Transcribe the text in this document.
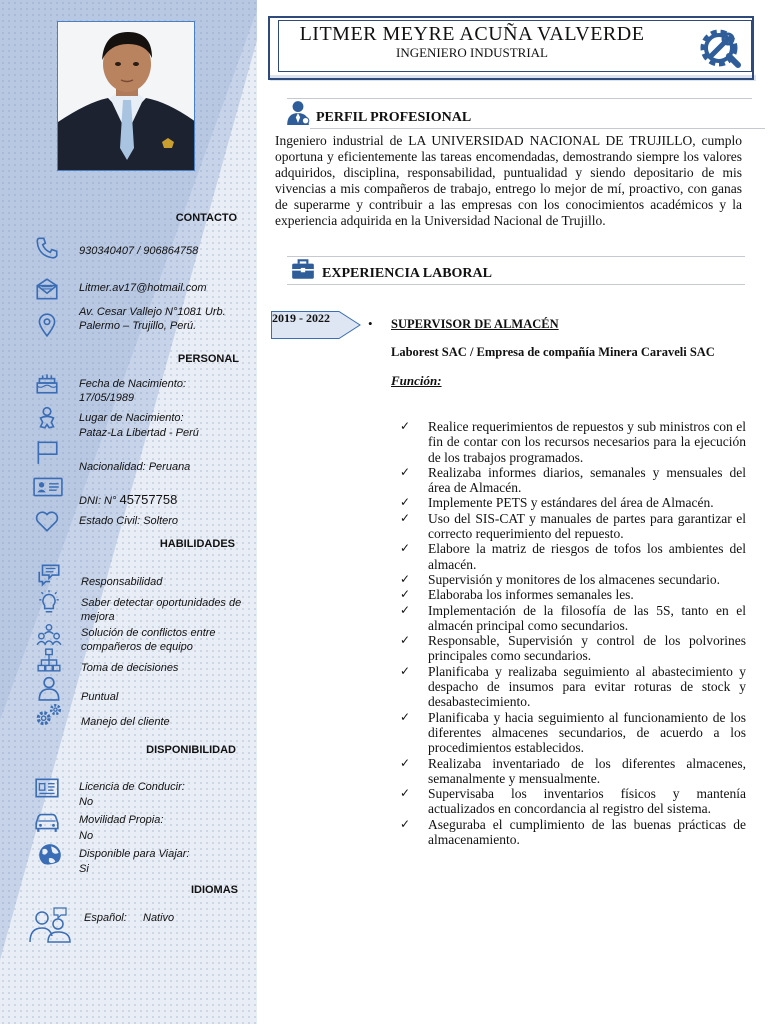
CONTACTO
930340407 / 906864758
Litmer.av17@hotmail.com
Av. Cesar Vallejo N°1081 Urb. Palermo – Trujillo, Perú.
PERSONAL
Fecha de Nacimiento:
17/05/1989
Lugar de Nacimiento:
Pataz-La Libertad - Perú
Nacionalidad: Peruana
DNI: N° 45757758
Estado Civil: Soltero
HABILIDADES
Responsabilidad
Saber detectar oportunidades de mejora
Solución de conflictos entre compañeros de equipo
Toma de decisiones
Puntual
Manejo del cliente
DISPONIBILIDAD
Licencia de Conducir:
No
Movilidad Propia:
No
Disponible para Viajar:
Si
IDIOMAS
Español: Nativo
LITMER MEYRE ACUÑA VALVERDE
INGENIERO INDUSTRIAL
PERFIL PROFESIONAL
Ingeniero industrial de LA UNIVERSIDAD NACIONAL DE TRUJILLO, cumplo oportuna y eficientemente las tareas encomendadas, demostrando siempre los valores adquiridos, disciplina, responsabilidad, puntualidad y siendo depositario de mis vivencias a mis compañeros de trabajo, entrego lo mejor de mí, proactivo, con ganas de superarme y contribuir a las empresas con los conocimientos académicos y la experiencia adquirida en la Universidad Nacional de Trujillo.
EXPERIENCIA LABORAL
2019 - 2022	• SUPERVISOR DE ALMACÉN
Laborest SAC / Empresa de compañía Minera Caraveli SAC
Función:
✓ Realice requerimientos de repuestos y sub ministros con el fin de contar con los recursos necesarios para la ejecución de los trabajos programados.
✓ Realizaba informes diarios, semanales y mensuales del área de Almacén.
✓ Implemente PETS y estándares del área de Almacén.
✓ Uso del SIS-CAT y manuales de partes para garantizar el correcto requerimiento del repuesto.
✓ Elabore la matriz de riesgos de tofos los ambientes del almacén.
✓ Supervisión y monitores de los almacenes secundario.
✓ Elaboraba los informes semanales les.
✓ Implementación de la filosofía de las 5S, tanto en el almacén principal como secundarios.
✓ Responsable, Supervisión y control de los polvorines principales como secundarios.
✓ Planificaba y realizaba seguimiento al abastecimiento y despacho de insumos para evitar roturas de stock y desabastecimiento.
✓ Planificaba y hacia seguimiento al funcionamiento de los diferentes almacenes secundarios, de acuerdo a los procedimientos establecidos.
✓ Realizaba inventariado de los diferentes almacenes, semanalmente y mensualmente.
✓ Supervisaba los inventarios físicos y mantenía actualizados en concordancia al registro del sistema.
✓ Aseguraba el cumplimiento de las buenas prácticas de almacenamiento.
